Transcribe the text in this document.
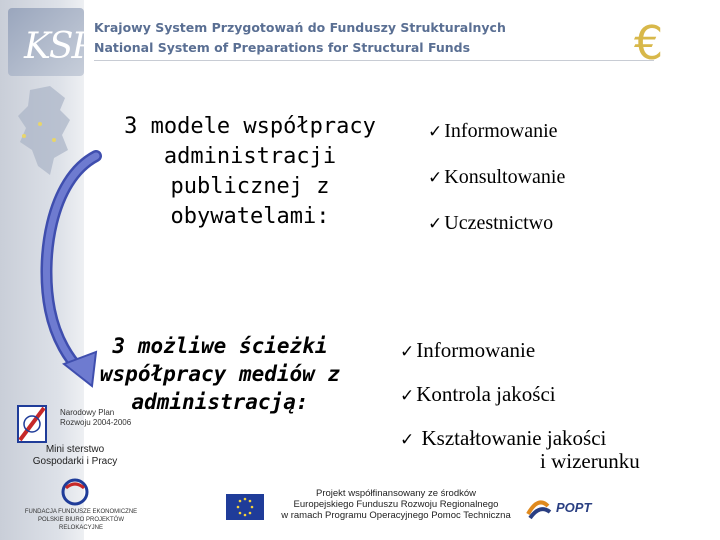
KSP Krajowy System Przygotowań do Funduszy Strukturalnych
National System of Preparations for Structural Funds	€
3 modele współpracy
administracji
publicznej z
obywatelami:
✓ Informowanie
✓ Konsultowanie
✓ Uczestnictwo
3 możliwe ścieżki
współpracy mediów z
administracją:
✓Informowanie
✓Kontrola jakości
✓ Kształtowanie jakości
i wizerunku
Narodowy Plan
Rozwoju 2004-2006
Mini sterstwo
Gospodarki i Pracy
FUNDACJA FUNDUSZE EKONOMICZNE
POLSKIE BIURO PROJEKTÓW RELOKACYJNE
Projekt współfinansowany ze środków
Europejskiego Funduszu Rozwoju Regionalnego
w ramach Programu Operacyjnego Pomoc Techniczna
POPT
